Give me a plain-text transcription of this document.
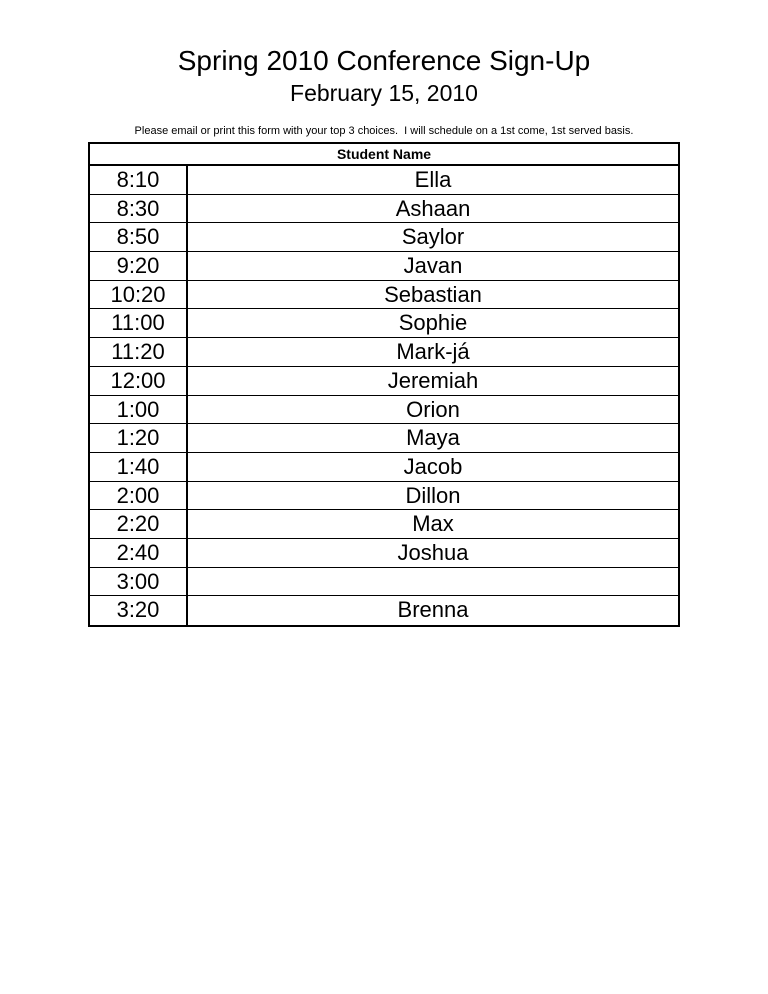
Spring 2010 Conference Sign-Up
February 15, 2010
Please email or print this form with your top 3 choices.  I will schedule on a 1st come, 1st served basis.
Student Name
8:10	Ella
8:30	Ashaan
8:50	Saylor
9:20	Javan
10:20	Sebastian
11:00	Sophie
11:20	Mark-já
12:00	Jeremiah
1:00	Orion
1:20	Maya
1:40	Jacob
2:00	Dillon
2:20	Max
2:40	Joshua
3:00
3:20	Brenna
